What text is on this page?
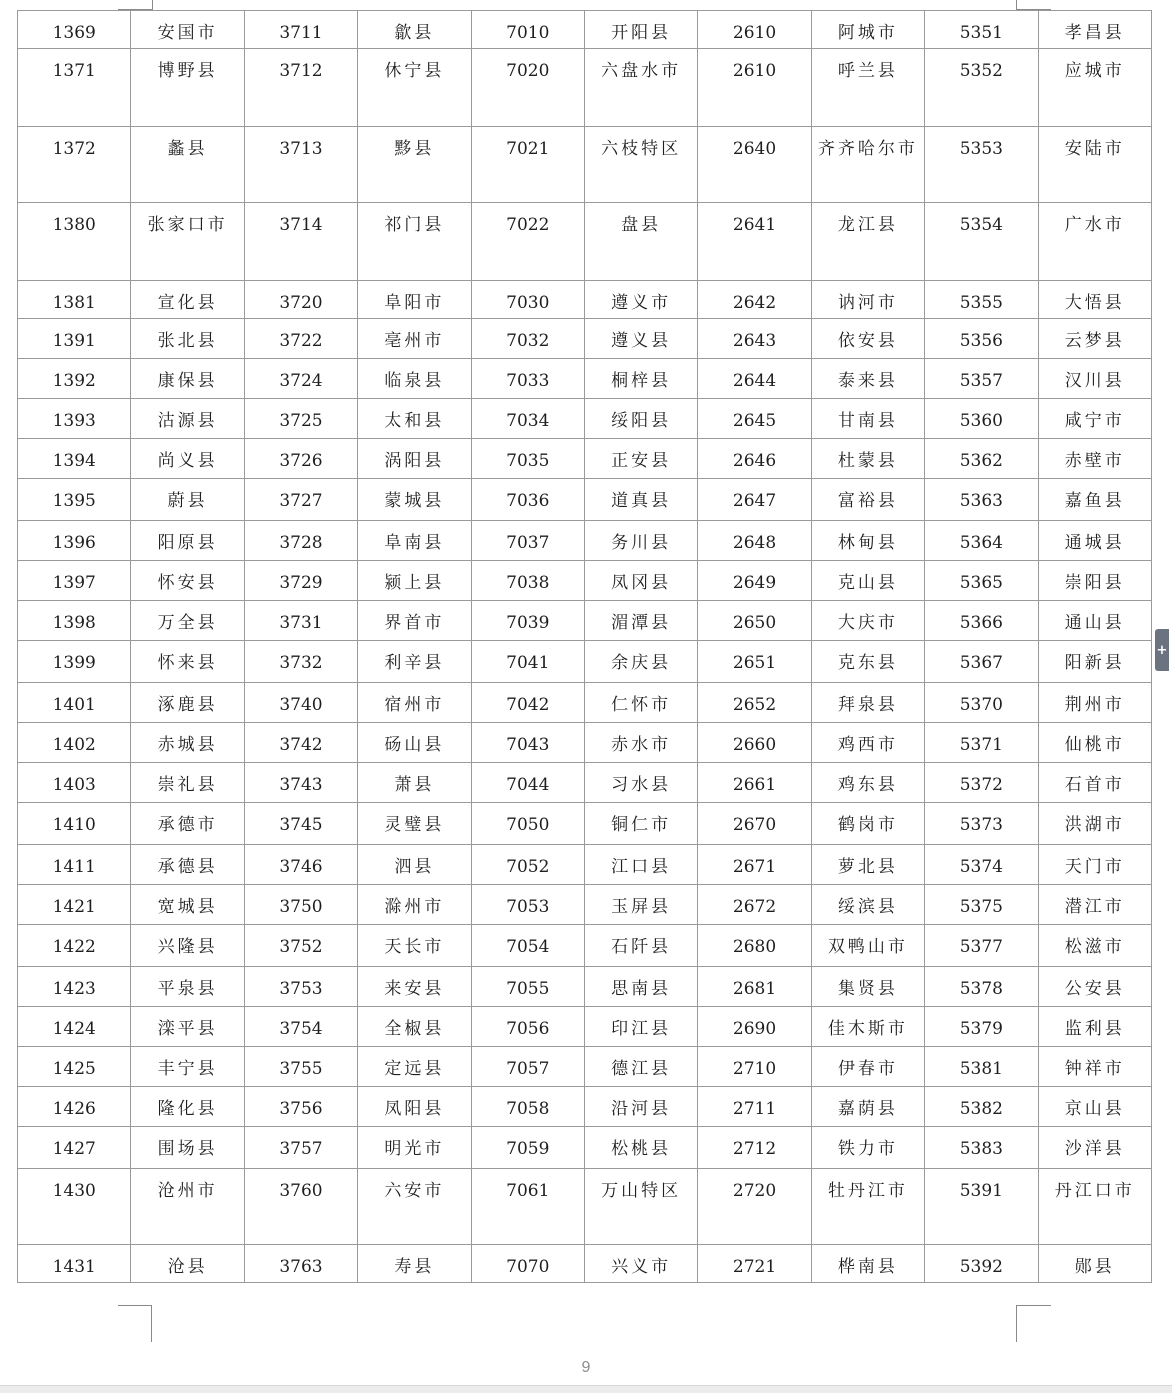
1369	安国市	3711	歙县	7010	开阳县	2610	阿城市	5351	孝昌县
1371	博野县	3712	休宁县	7020	六盘水市	2610	呼兰县	5352	应城市
1372	蠡县	3713	黟县	7021	六枝特区	2640	齐齐哈尔市	5353	安陆市
1380	张家口市	3714	祁门县	7022	盘县	2641	龙江县	5354	广水市
1381	宣化县	3720	阜阳市	7030	遵义市	2642	讷河市	5355	大悟县
1391	张北县	3722	亳州市	7032	遵义县	2643	依安县	5356	云梦县
1392	康保县	3724	临泉县	7033	桐梓县	2644	泰来县	5357	汉川县
1393	沽源县	3725	太和县	7034	绥阳县	2645	甘南县	5360	咸宁市
1394	尚义县	3726	涡阳县	7035	正安县	2646	杜蒙县	5362	赤壁市
1395	蔚县	3727	蒙城县	7036	道真县	2647	富裕县	5363	嘉鱼县
1396	阳原县	3728	阜南县	7037	务川县	2648	林甸县	5364	通城县
1397	怀安县	3729	颍上县	7038	凤冈县	2649	克山县	5365	崇阳县
1398	万全县	3731	界首市	7039	湄潭县	2650	大庆市	5366	通山县
1399	怀来县	3732	利辛县	7041	余庆县	2651	克东县	5367	阳新县
1401	涿鹿县	3740	宿州市	7042	仁怀市	2652	拜泉县	5370	荆州市
1402	赤城县	3742	砀山县	7043	赤水市	2660	鸡西市	5371	仙桃市
1403	崇礼县	3743	萧县	7044	习水县	2661	鸡东县	5372	石首市
1410	承德市	3745	灵璧县	7050	铜仁市	2670	鹤岗市	5373	洪湖市
1411	承德县	3746	泗县	7052	江口县	2671	萝北县	5374	天门市
1421	宽城县	3750	滁州市	7053	玉屏县	2672	绥滨县	5375	潜江市
1422	兴隆县	3752	天长市	7054	石阡县	2680	双鸭山市	5377	松滋市
1423	平泉县	3753	来安县	7055	思南县	2681	集贤县	5378	公安县
1424	滦平县	3754	全椒县	7056	印江县	2690	佳木斯市	5379	监利县
1425	丰宁县	3755	定远县	7057	德江县	2710	伊春市	5381	钟祥市
1426	隆化县	3756	凤阳县	7058	沿河县	2711	嘉荫县	5382	京山县
1427	围场县	3757	明光市	7059	松桃县	2712	铁力市	5383	沙洋县
1430	沧州市	3760	六安市	7061	万山特区	2720	牡丹江市	5391	丹江口市
1431	沧县	3763	寿县	7070	兴义市	2721	桦南县	5392	郧县
+
9
